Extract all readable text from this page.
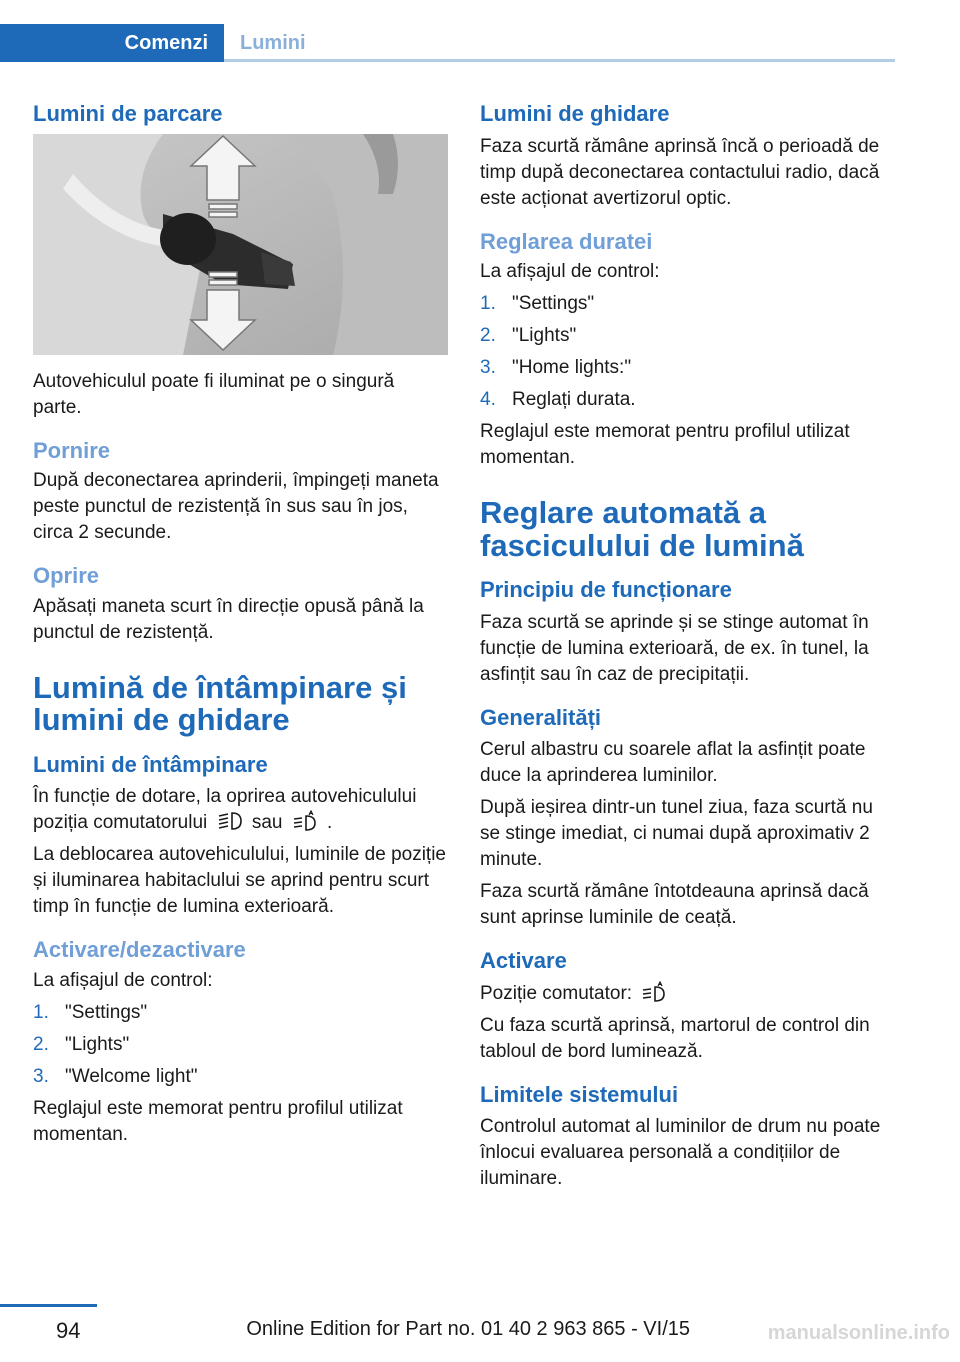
Comenzi	Lumini
Lumini de parcare

Autovehiculul poate fi iluminat pe o singură parte.

Pornire

După deconectarea aprinderii, împingeți maneta peste punctul de rezistență în sus sau în jos, circa 2 secunde.

Oprire

Apăsați maneta scurt în direcție opusă până la punctul de rezistență.

Lumină de întâmpinare și lumini de ghidare
Lumini de întâmpinare

În funcție de dotare, la oprirea autovehiculului poziția comutatorului sau .

La deblocarea autovehiculului, luminile de poziție și iluminarea habitaclului se aprind pentru scurt timp în funcție de lumina exterioară.

Activare/dezactivare

La afișajul de control:

1. "Settings"
2. "Lights"
3. "Welcome light"

Reglajul este memorat pentru profilul utilizat momentan.

Lumini de ghidare

Faza scurtă rămâne aprinsă încă o perioadă de timp după deconectarea contactului radio, dacă este acționat avertizorul optic.

Reglarea duratei

La afișajul de control:

1. "Settings"
2. "Lights"
3. "Home lights:"
4. Reglați durata.

Reglajul este memorat pentru profilul utilizat momentan.

Reglare automată a fasciculului de lumină
Principiu de funcționare

Faza scurtă se aprinde și se stinge automat în funcție de lumina exterioară, de ex. în tunel, la asfințit sau în caz de precipitații.

Generalități

Cerul albastru cu soarele aflat la asfințit poate duce la aprinderea luminilor.

După ieșirea dintr-un tunel ziua, faza scurtă nu se stinge imediat, ci numai după aproximativ 2 minute.

Faza scurtă rămâne întotdeauna aprinsă dacă sunt aprinse luminile de ceață.

Activare

Poziție comutator:

Cu faza scurtă aprinsă, martorul de control din tabloul de bord luminează.

Limitele sistemului

Controlul automat al luminilor de drum nu poate înlocui evaluarea personală a condițiilor de iluminare.

94	Online Edition for Part no. 01 40 2 963 865 - VI/15	manualsonline.info
